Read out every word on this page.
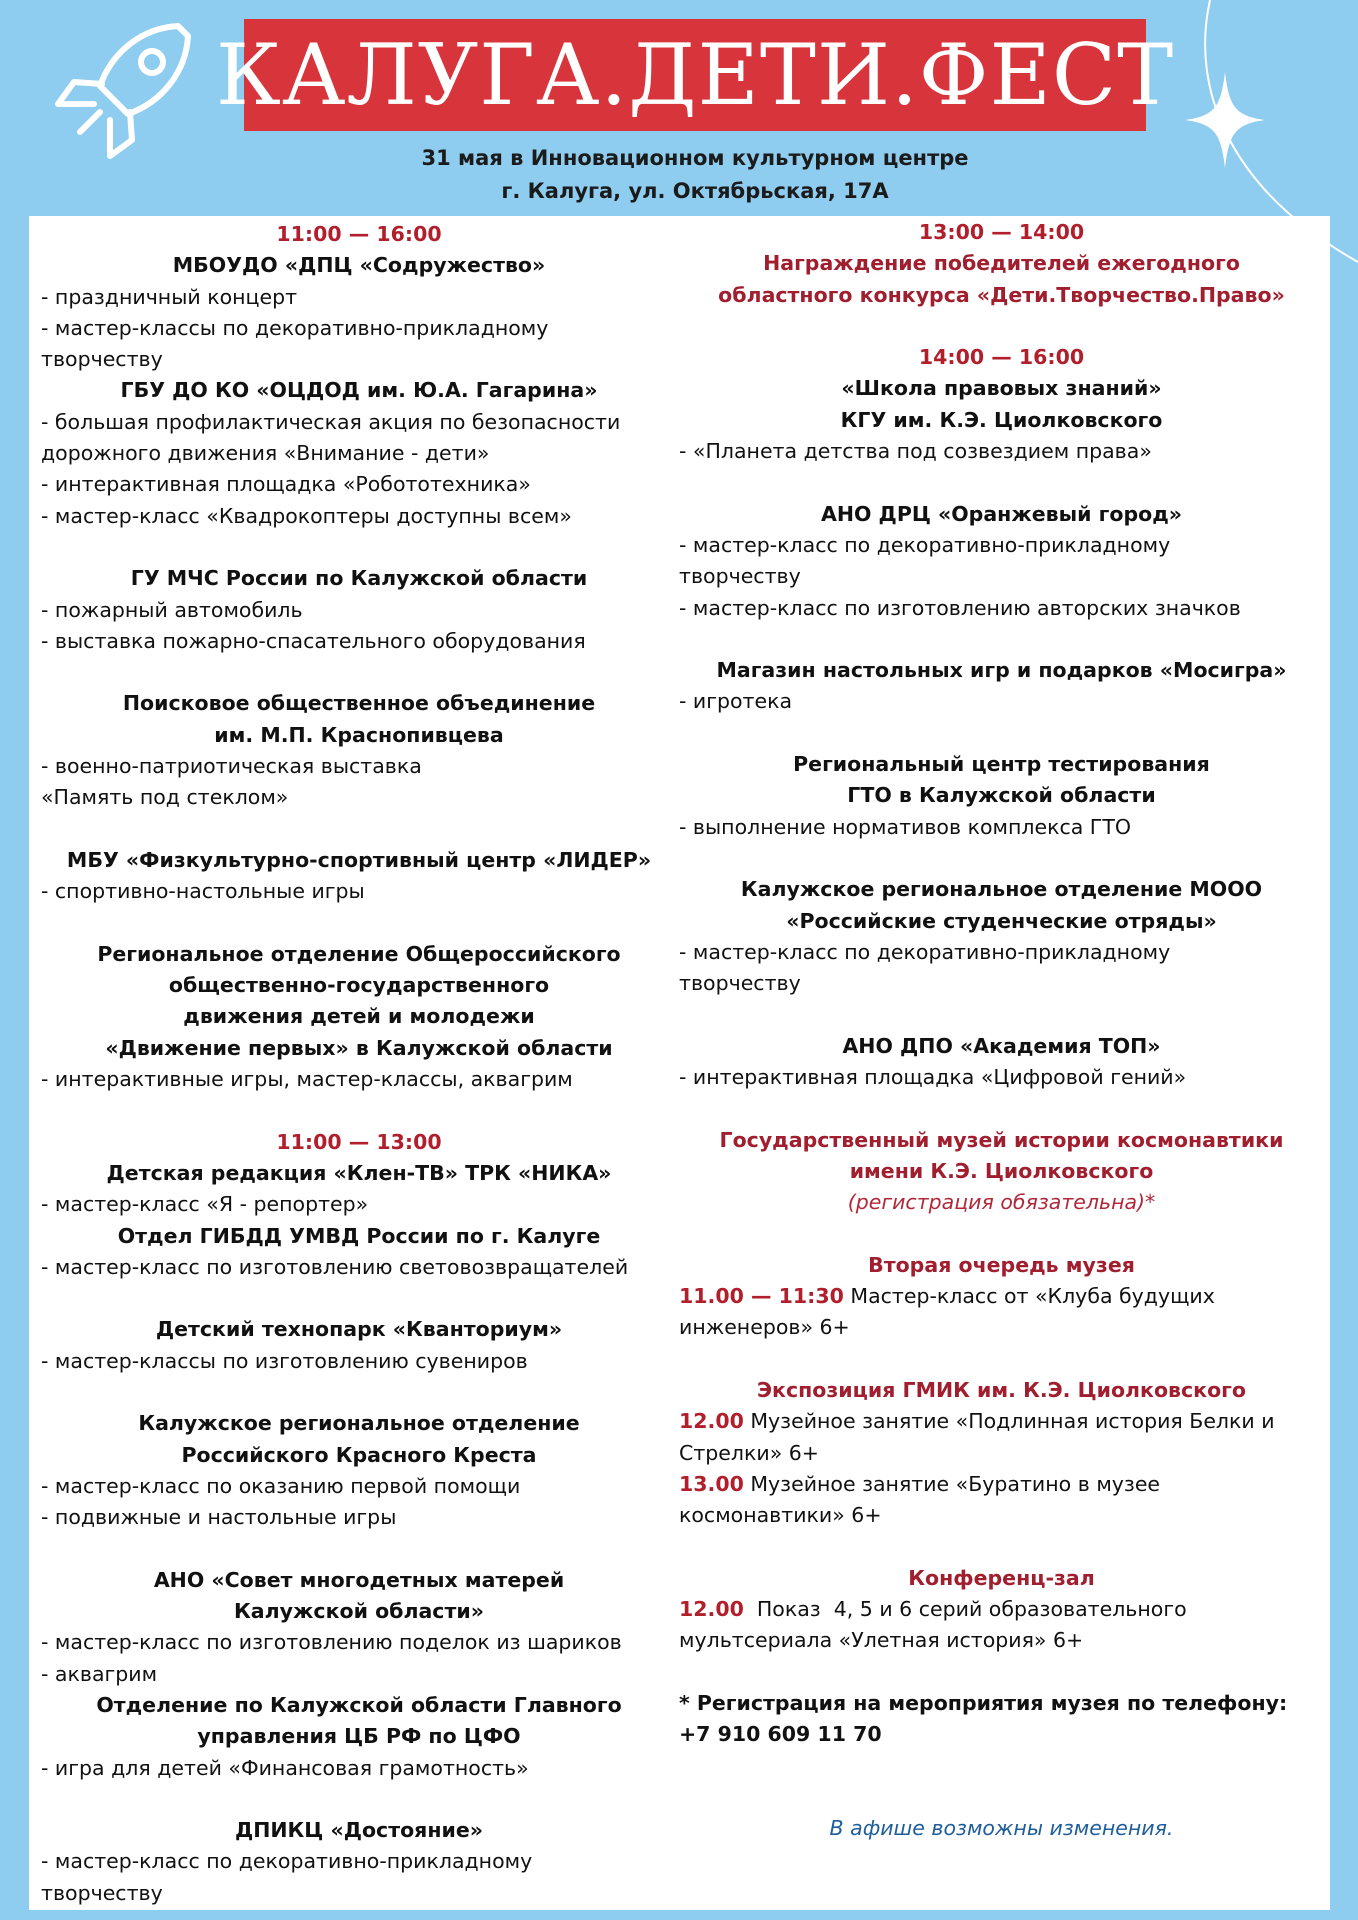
КАЛУГА.ДЕТИ.ФЕСТ
31 мая в Инновационном культурном центре
г. Калуга, ул. Октябрьская, 17А
11:00 — 16:00
МБОУДО «ДПЦ «Содружество»
- праздничный концерт
- мастер-классы по декоративно-прикладному
творчеству
ГБУ ДО КО «ОЦДОД им. Ю.А. Гагарина»
- большая профилактическая акция по безопасности
дорожного движения «Внимание - дети»
- интерактивная площадка «Робототехника»
- мастер-класс «Квадрокоптеры доступны всем»
ГУ МЧС России по Калужской области
- пожарный автомобиль
- выставка пожарно-спасательного оборудования
Поисковое общественное объединение
им. М.П. Краснопивцева
- военно-патриотическая выставка
«Память под стеклом»
МБУ «Физкультурно-спортивный центр «ЛИДЕР»
- спортивно-настольные игры
Региональное отделение Общероссийского
общественно-государственного
движения детей и молодежи
«Движение первых» в Калужской области
- интерактивные игры, мастер-классы, аквагрим
11:00 — 13:00
Детская редакция «Клен-ТВ» ТРК «НИКА»
- мастер-класс «Я - репортер»
Отдел ГИБДД УМВД России по г. Калуге
- мастер-класс по изготовлению световозвращателей
Детский технопарк «Кванториум»
- мастер-классы по изготовлению сувениров
Калужское региональное отделение
Российского Красного Креста
- мастер-класс по оказанию первой помощи
- подвижные и настольные игры
АНО «Совет многодетных матерей
Калужской области»
- мастер-класс по изготовлению поделок из шариков
- аквагрим
Отделение по Калужской области Главного
управления ЦБ РФ по ЦФО
- игра для детей «Финансовая грамотность»
ДПИКЦ «Достояние»
- мастер-класс по декоративно-прикладному
творчеству
13:00 — 14:00
Награждение победителей ежегодного
областного конкурса «Дети.Творчество.Право»
14:00 — 16:00
«Школа правовых знаний»
КГУ им. К.Э. Циолковского
- «Планета детства под созвездием права»
АНО ДРЦ «Оранжевый город»
- мастер-класс по декоративно-прикладному
творчеству
- мастер-класс по изготовлению авторских значков
Магазин настольных игр и подарков «Мосигра»
- игротека
Региональный центр тестирования
ГТО в Калужской области
- выполнение нормативов комплекса ГТО
Калужское региональное отделение МООО
«Российские студенческие отряды»
- мастер-класс по декоративно-прикладному
творчеству
АНО ДПО «Академия ТОП»
- интерактивная площадка «Цифровой гений»
Государственный музей истории космонавтики
имени К.Э. Циолковского
(регистрация обязательна)*
Вторая очередь музея
11.00 — 11:30 Мастер-класс от «Клуба будущих
инженеров» 6+
Экспозиция ГМИК им. К.Э. Циолковского
12.00 Музейное занятие «Подлинная история Белки и
Стрелки» 6+
13.00 Музейное занятие «Буратино в музее
космонавтики» 6+
Конференц-зал
12.00  Показ  4, 5 и 6 серий образовательного
мультсериала «Улетная история» 6+
* Регистрация на мероприятия музея по телефону:
+7 910 609 11 70
В афише возможны изменения.
